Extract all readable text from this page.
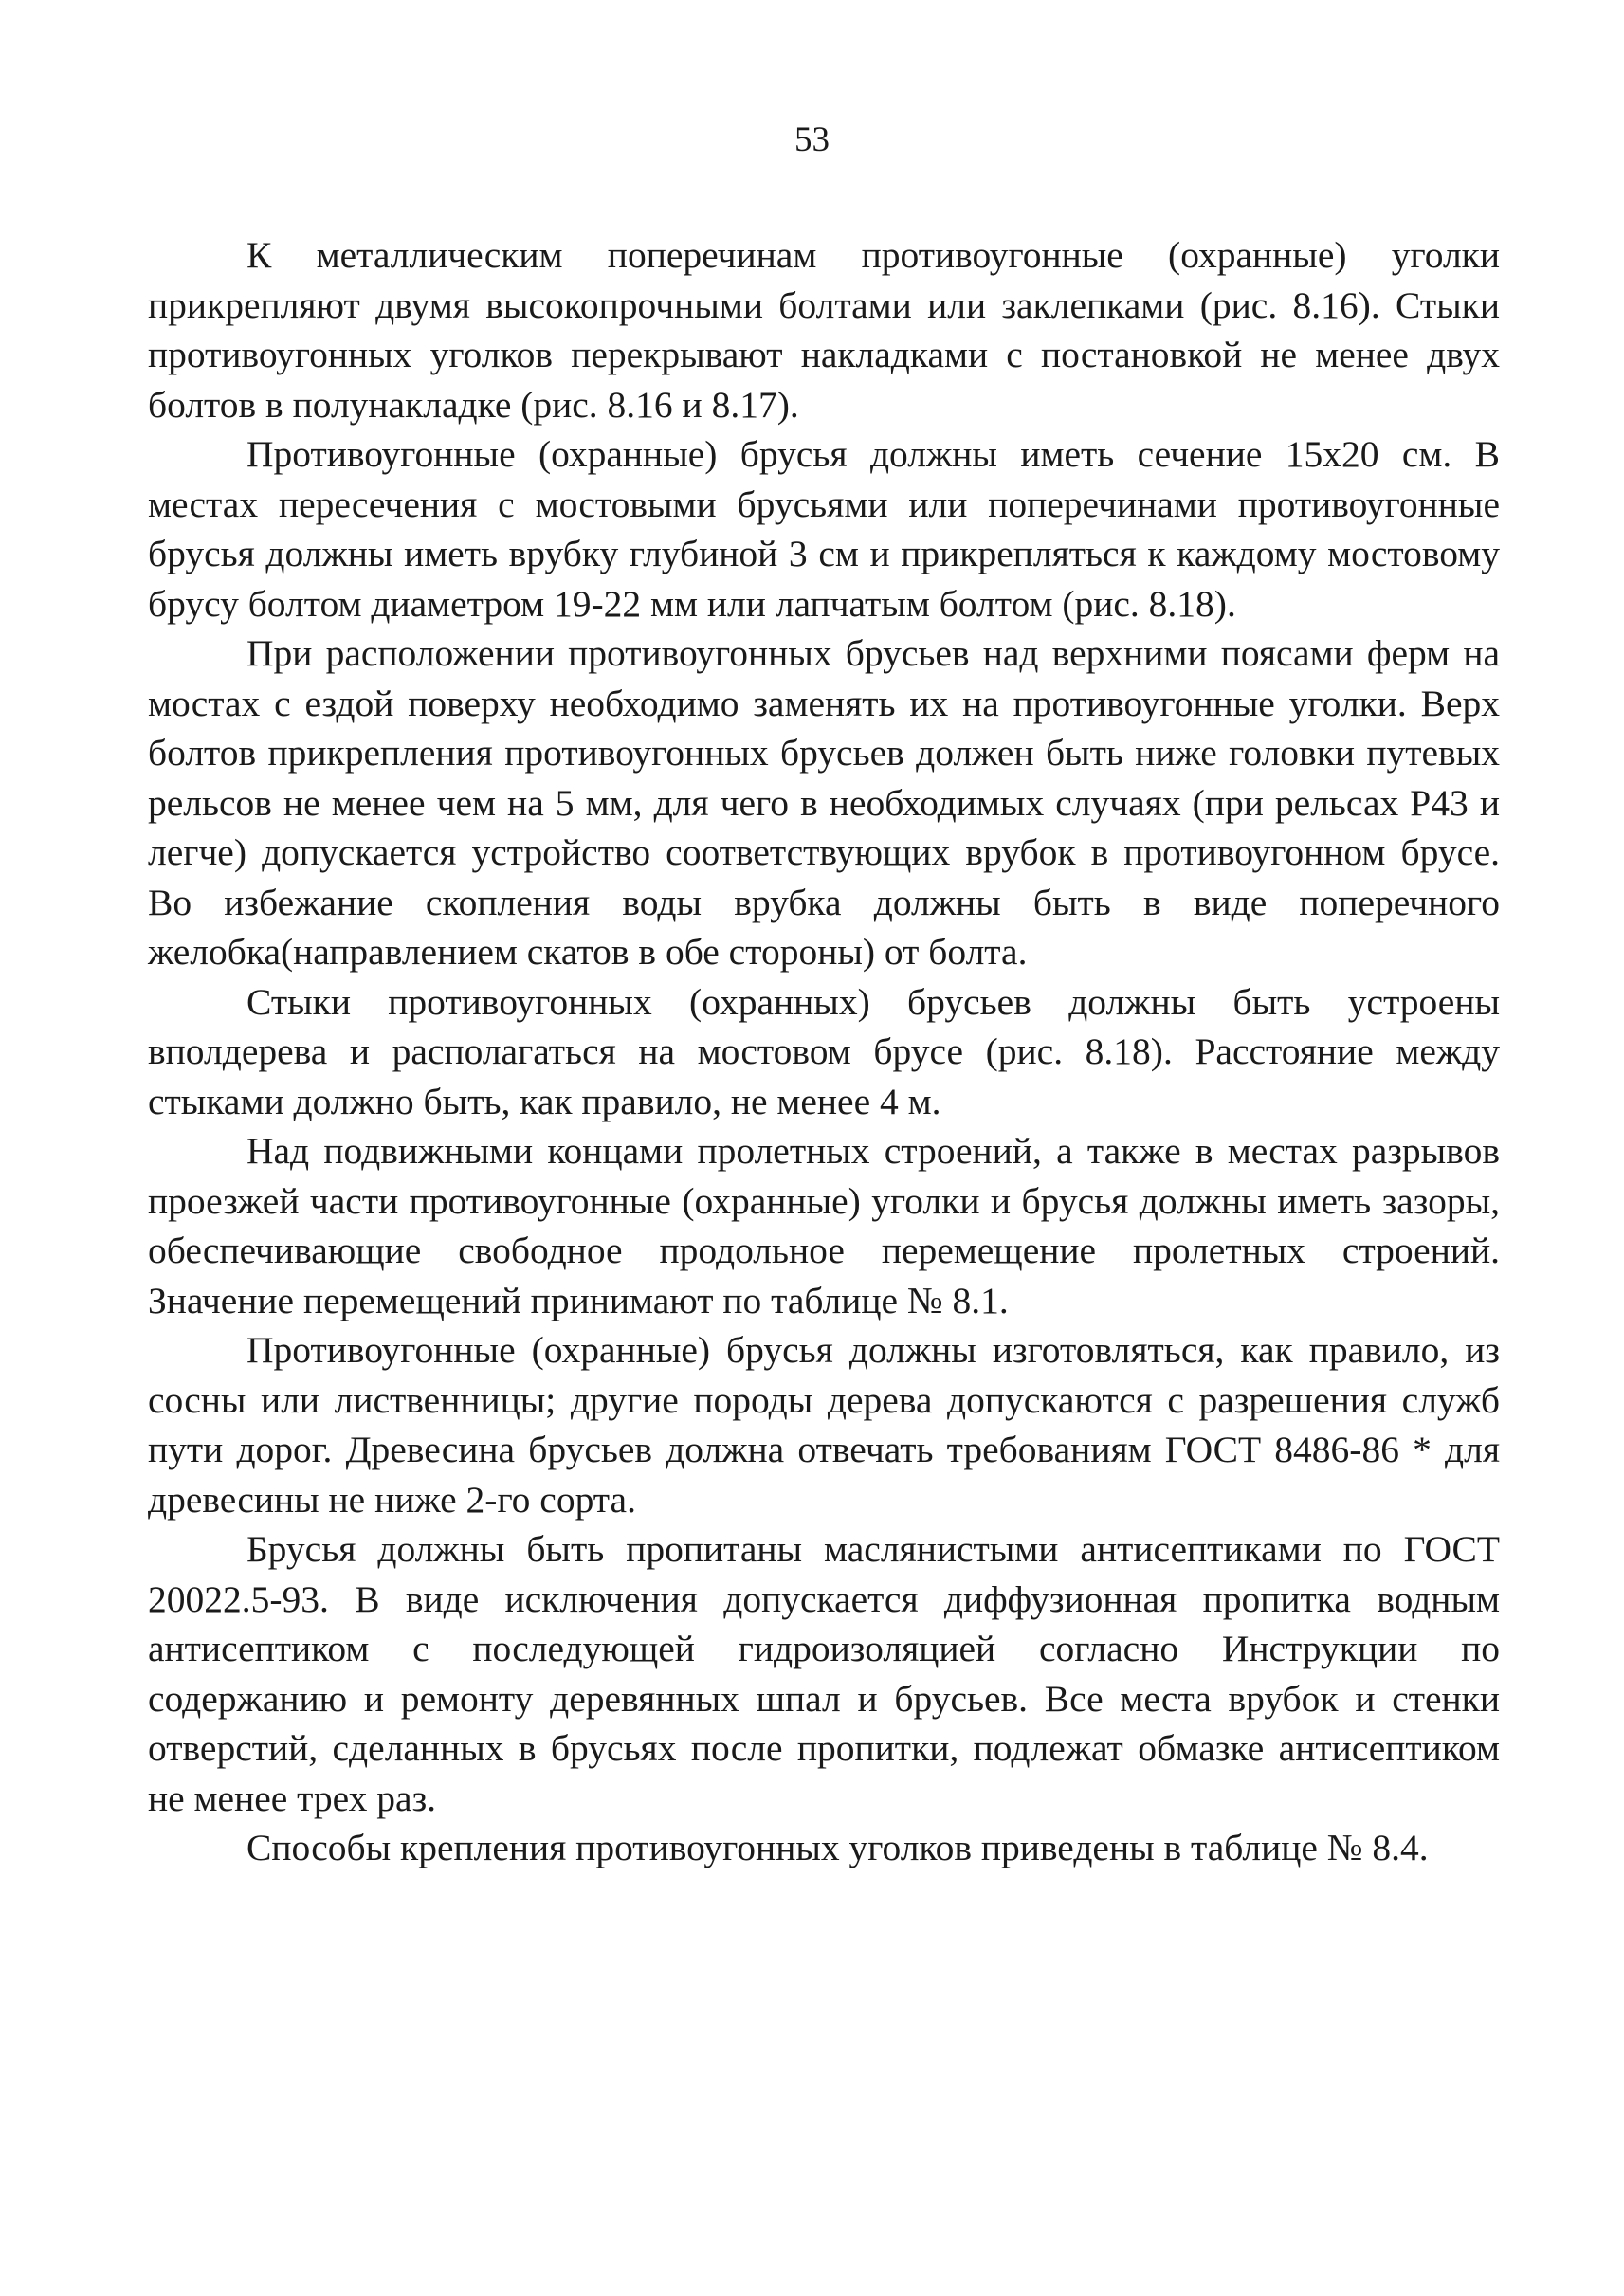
53

К металлическим поперечинам противоугонные (охранные) уголки прикрепляют двумя высокопрочными болтами или заклепками (рис. 8.16). Стыки противоугонных уголков перекрывают накладками с постановкой не менее двух болтов в полунакладке (рис. 8.16 и 8.17).

Противоугонные (охранные) брусья должны иметь сечение 15x20 см. В местах пересечения с мостовыми брусьями или поперечинами противоугонные брусья должны иметь врубку глубиной 3 см и прикрепляться к каждому мостовому брусу болтом диаметром 19-22 мм или лапчатым болтом (рис. 8.18).

При расположении противоугонных брусьев над верхними поясами ферм на мостах с ездой поверху необходимо заменять их на противоугонные уголки. Верх болтов прикрепления противоугонных брусьев должен быть ниже головки путевых рельсов не менее чем на 5 мм, для чего в необходимых случаях (при рельсах Р43 и легче) допускается устройство соответствующих врубок в противоугонном брусе. Во избежание скопления воды врубка должны быть в виде поперечного желобка(направлением скатов в обе стороны) от болта.

Стыки противоугонных (охранных) брусьев должны быть устроены вполдерева и располагаться на мостовом брусе (рис. 8.18). Расстояние между стыками должно быть, как правило, не менее 4 м.

Над подвижными концами пролетных строений, а также в местах разрывов проезжей части противоугонные (охранные) уголки и брусья должны иметь зазоры, обеспечивающие свободное продольное перемещение пролетных строений. Значение перемещений принимают по таблице № 8.1.

Противоугонные (охранные) брусья должны изготовляться, как правило, из сосны или лиственницы; другие породы дерева допускаются с разрешения служб пути дорог. Древесина брусьев должна отвечать требованиям ГОСТ 8486-86 * для древесины не ниже 2-го сорта.

Брусья должны быть пропитаны маслянистыми антисептиками по ГОСТ 20022.5-93. В виде исключения допускается диффузионная пропитка водным антисептиком с последующей гидроизоляцией согласно Инструкции по содержанию и ремонту деревянных шпал и брусьев. Все места врубок и стенки отверстий, сделанных в брусьях после пропитки, подлежат обмазке антисептиком не менее трех раз.

Способы крепления противоугонных уголков приведены в таблице № 8.4.
